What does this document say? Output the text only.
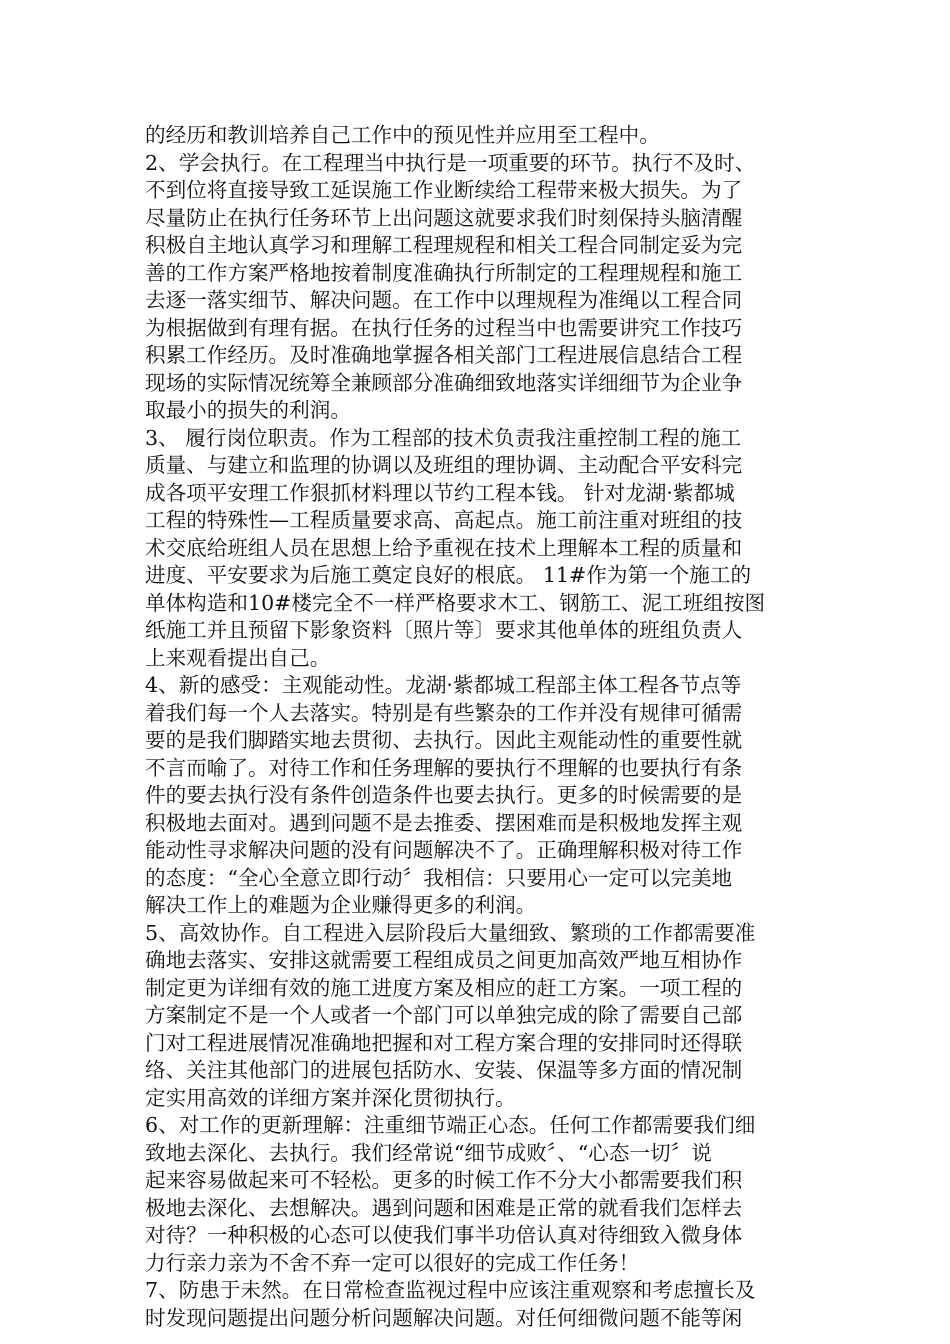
的经历和教训培养自己工作中的预见性并应用至工程中。
2、学会执行。在工程理当中执行是一项重要的环节。执行不及时、
不到位将直接导致工延误施工作业断续给工程带来极大损失。为了
尽量防止在执行任务环节上出问题这就要求我们时刻保持头脑清醒
积极自主地认真学习和理解工程理规程和相关工程合同制定妥为完
善的工作方案严格地按着制度准确执行所制定的工程理规程和施工
去逐一落实细节、解决问题。在工作中以理规程为准绳以工程合同
为根据做到有理有据。在执行任务的过程当中也需要讲究工作技巧
积累工作经历。及时准确地掌握各相关部门工程进展信息结合工程
现场的实际情况统筹全兼顾部分准确细致地落实详细细节为企业争
取最小的损失的利润。
3、 履行岗位职责。作为工程部的技术负责我注重控制工程的施工
质量、与建立和监理的协调以及班组的理协调、主动配合平安科完
成各项平安理工作狠抓材料理以节约工程本钱。 针对龙湖·紫都城
工程的特殊性—工程质量要求高、高起点。施工前注重对班组的技
术交底给班组人员在思想上给予重视在技术上理解本工程的质量和
进度、平安要求为后施工奠定良好的根底。 11#作为第一个施工的
单体构造和10#楼完全不一样严格要求木工、钢筋工、泥工班组按图
纸施工并且预留下影象资料〔照片等〕要求其他单体的班组负责人
上来观看提出自己。
4、新的感受：主观能动性。龙湖·紫都城工程部主体工程各节点等
着我们每一个人去落实。特别是有些繁杂的工作并没有规律可循需
要的是我们脚踏实地去贯彻、去执行。因此主观能动性的重要性就
不言而喻了。对待工作和任务理解的要执行不理解的也要执行有条
件的要去执行没有条件创造条件也要去执行。更多的时候需要的是
积极地去面对。遇到问题不是去推委、摆困难而是积极地发挥主观
能动性寻求解决问题的没有问题解决不了。正确理解积极对待工作
的态度：“全心全意立即行动〞我相信：只要用心一定可以完美地
解决工作上的难题为企业赚得更多的利润。
5、高效协作。自工程进入层阶段后大量细致、繁琐的工作都需要准
确地去落实、安排这就需要工程组成员之间更加高效严地互相协作
制定更为详细有效的施工进度方案及相应的赶工方案。一项工程的
方案制定不是一个人或者一个部门可以单独完成的除了需要自己部
门对工程进展情况准确地把握和对工程方案合理的安排同时还得联
络、关注其他部门的进展包括防水、安装、保温等多方面的情况制
定实用高效的详细方案并深化贯彻执行。
6、对工作的更新理解：注重细节端正心态。任何工作都需要我们细
致地去深化、去执行。我们经常说“细节成败〞、“心态一切〞说
起来容易做起来可不轻松。更多的时候工作不分大小都需要我们积
极地去深化、去想解决。遇到问题和困难是正常的就看我们怎样去
对待？一种积极的心态可以使我们事半功倍认真对待细致入微身体
力行亲力亲为不舍不弃一定可以很好的完成工作任务！
7、防患于未然。在日常检查监视过程中应该注重观察和考虑擅长及
时发现问题提出问题分析问题解决问题。对任何细微问题不能等闲
